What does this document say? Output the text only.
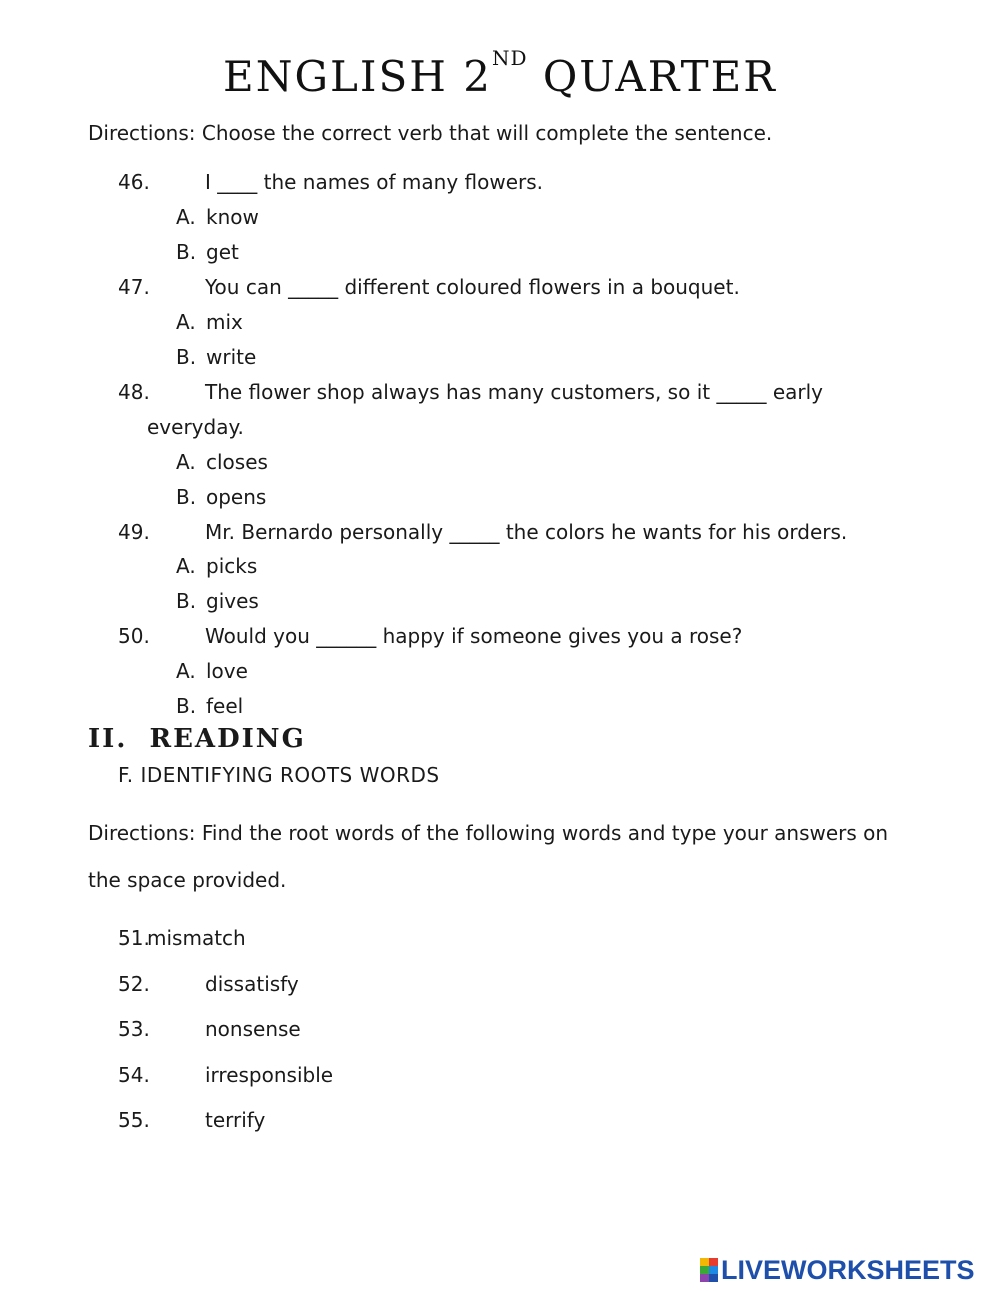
ENGLISH 2ND QUARTER
Directions: Choose the correct verb that will complete the sentence.
46.	I ____ the names of many flowers.
A. know
B. get
47.	You can _____ different coloured flowers in a bouquet.
A. mix
B. write
48.	The flower shop always has many customers, so it _____ early
everyday.
A. closes
B. opens
49.	Mr. Bernardo personally _____ the colors he wants for his orders.
A. picks
B. gives
50.	Would you ______ happy if someone gives you a rose?
A. love
B. feel
II. READING
F. IDENTIFYING ROOTS WORDS
Directions: Find the root words of the following words and type your answers on
the space provided.
51.
mismatch
52.	dissatisfy
53.	nonsense
54.	irresponsible
55.	terrify
LIVEWORKSHEETS
